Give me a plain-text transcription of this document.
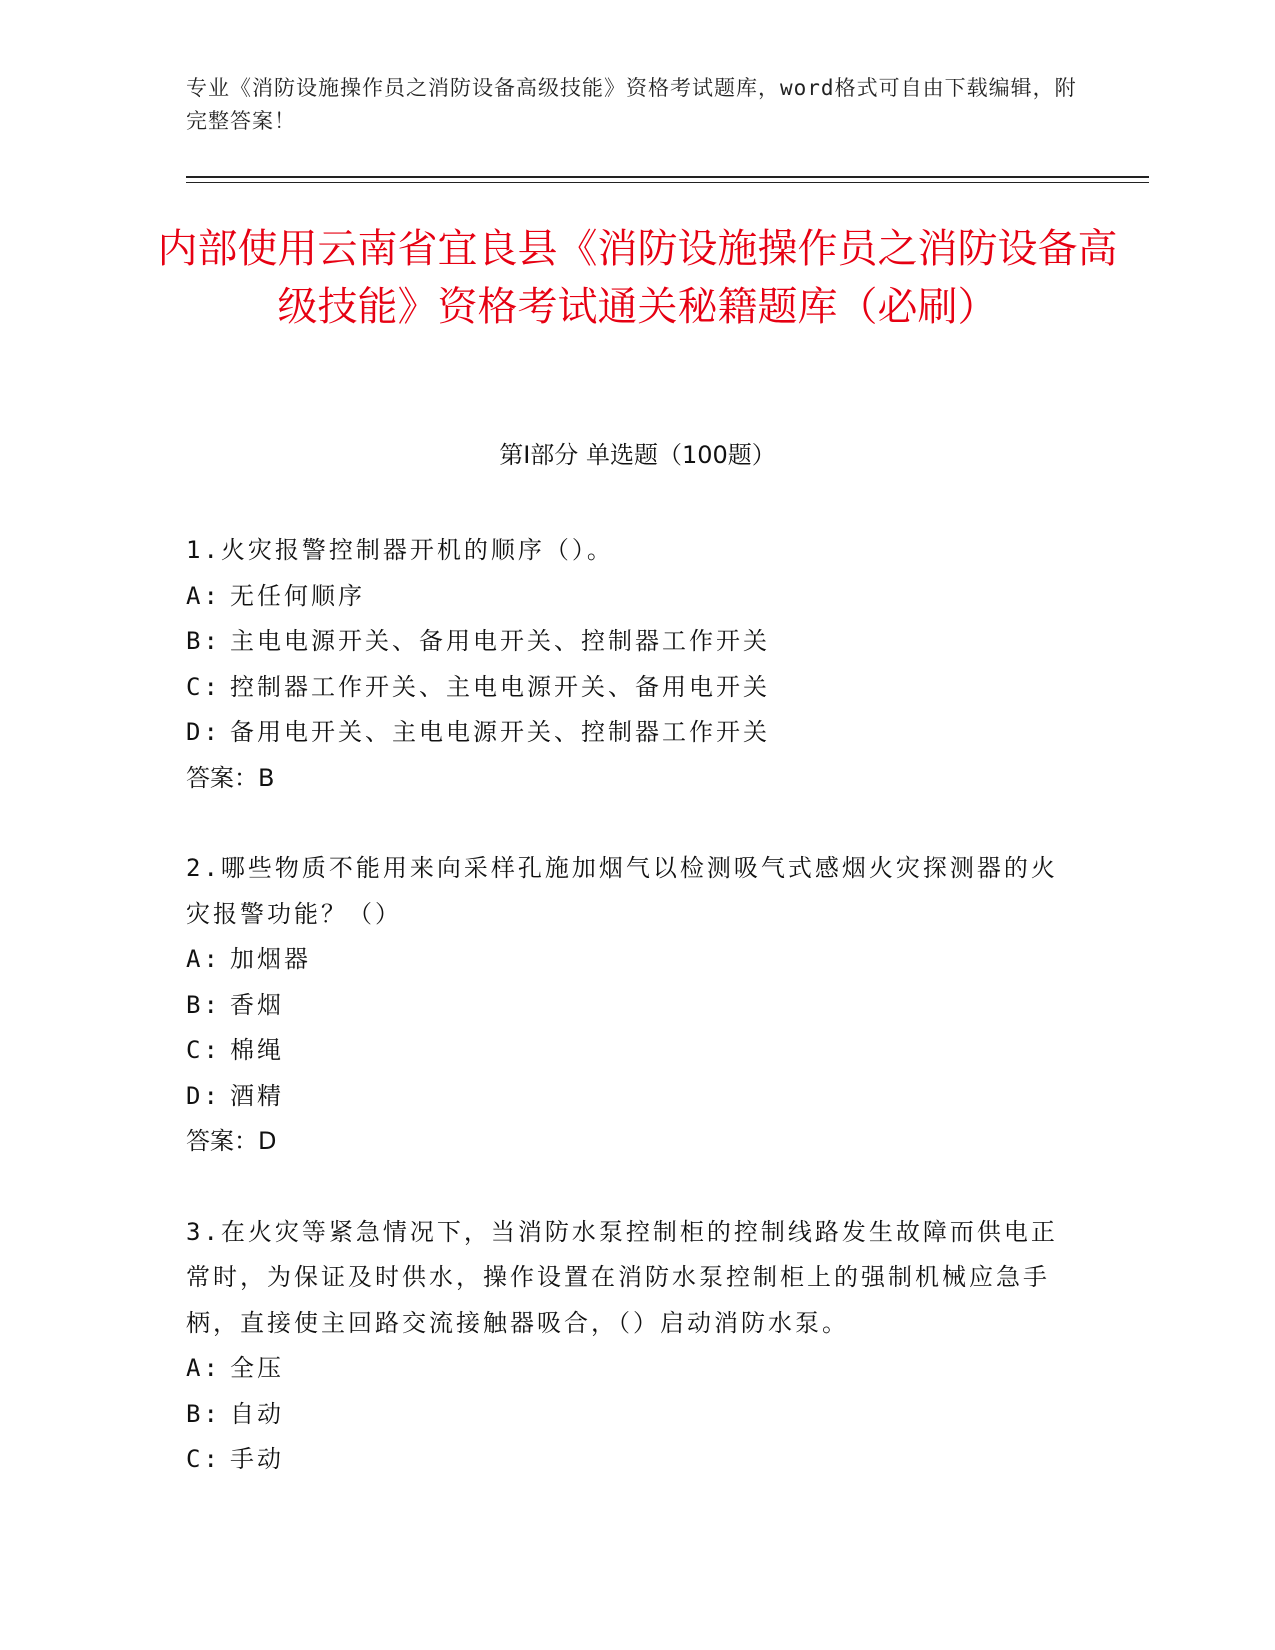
专业《消防设施操作员之消防设备高级技能》资格考试题库，word格式可自由下载编辑，附完整答案！
内部使用云南省宜良县《消防设施操作员之消防设备高级技能》资格考试通关秘籍题库（必刷）
第Ⅰ部分 单选题（100题）

1.火灾报警控制器开机的顺序（）。

A: 无任何顺序

B: 主电电源开关、备用电开关、控制器工作开关

C: 控制器工作开关、主电电源开关、备用电开关

D: 备用电开关、主电电源开关、控制器工作开关

答案：B

2.哪些物质不能用来向采样孔施加烟气以检测吸气式感烟火灾探测器的火灾报警功能？（）

A: 加烟器

B: 香烟

C: 棉绳

D: 酒精

答案：D

3.在火灾等紧急情况下，当消防水泵控制柜的控制线路发生故障而供电正常时，为保证及时供水，操作设置在消防水泵控制柜上的强制机械应急手柄，直接使主回路交流接触器吸合，（）启动消防水泵。

A: 全压

B: 自动

C: 手动
